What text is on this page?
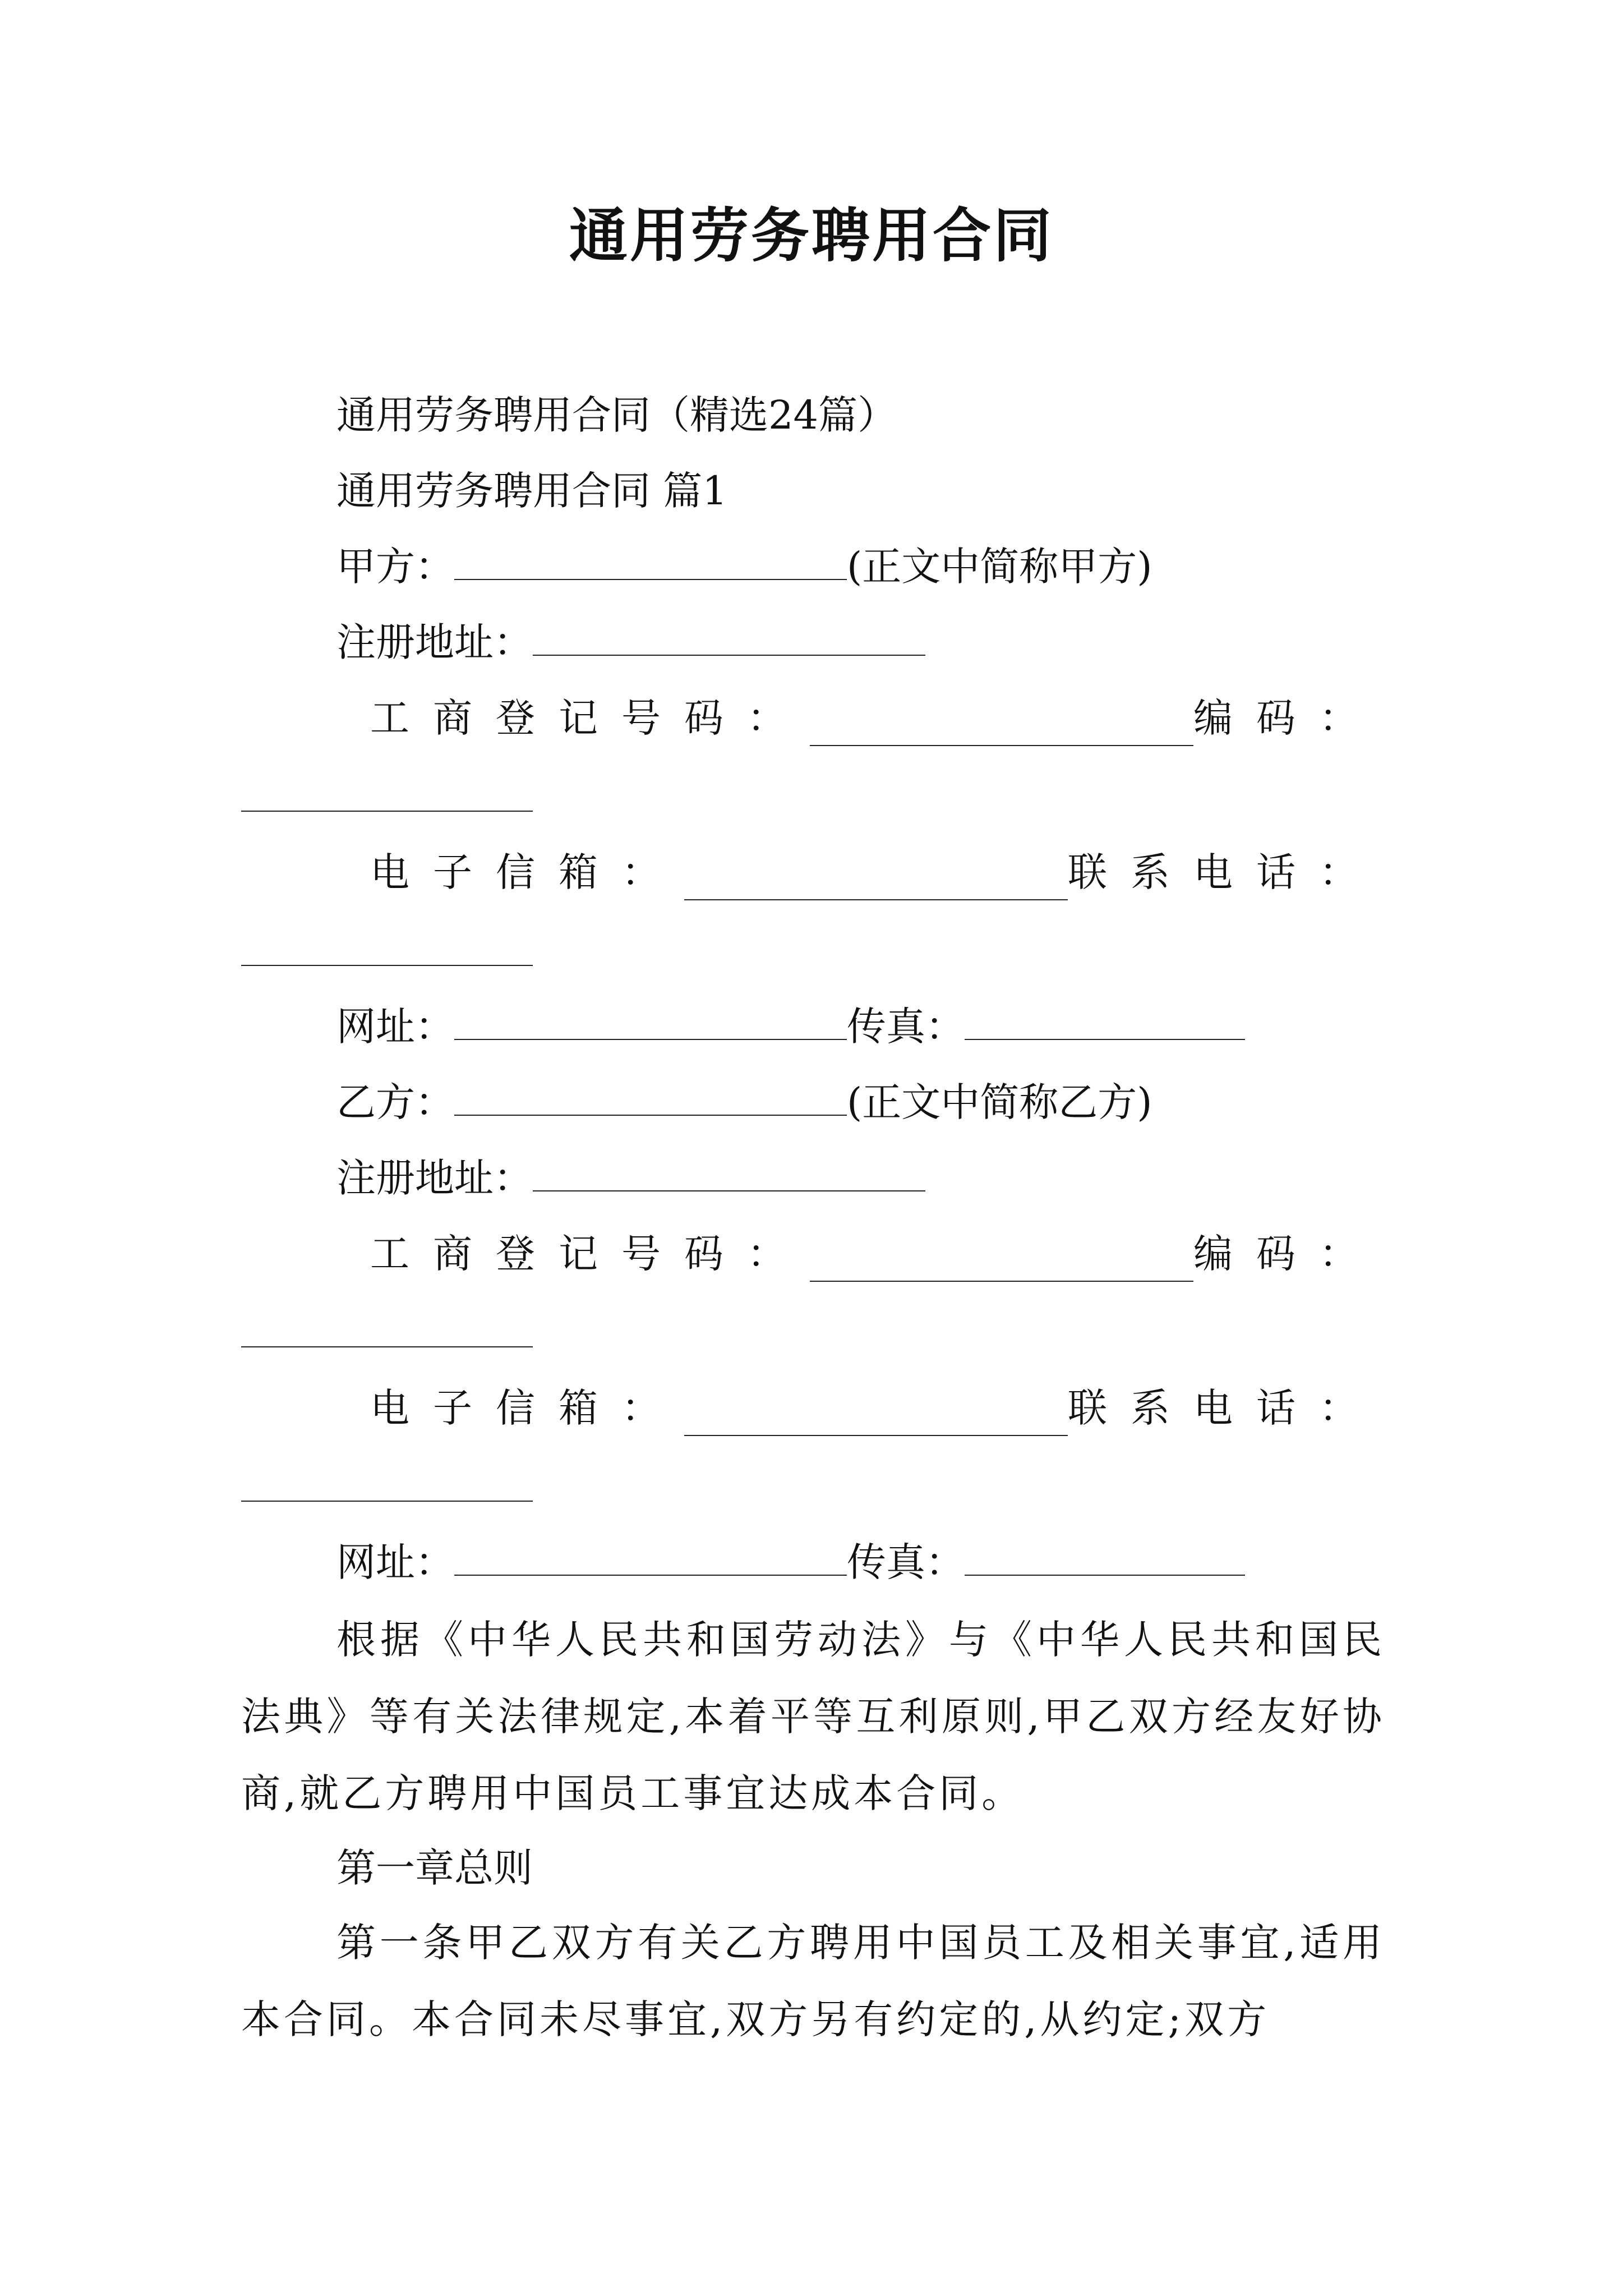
通用劳务聘用合同
通用劳务聘用合同（精选24篇）
通用劳务聘用合同 篇1
甲方：	(正文中简称甲方)
注册地址：
工商登记号码：	编码：
电子信箱：	联系电话：
网址：	传真：
乙方：	(正文中简称乙方)
注册地址：
工商登记号码：	编码：
电子信箱：	联系电话：
网址：	传真：
根据《中华人民共和国劳动法》与《中华人民共和国民法典》等有关法律规定,本着平等互利原则,甲乙双方经友好协商,就乙方聘用中国员工事宜达成本合同。
第一章总则
第一条甲乙双方有关乙方聘用中国员工及相关事宜,适用本合同。本合同未尽事宜,双方另有约定的,从约定;双方
